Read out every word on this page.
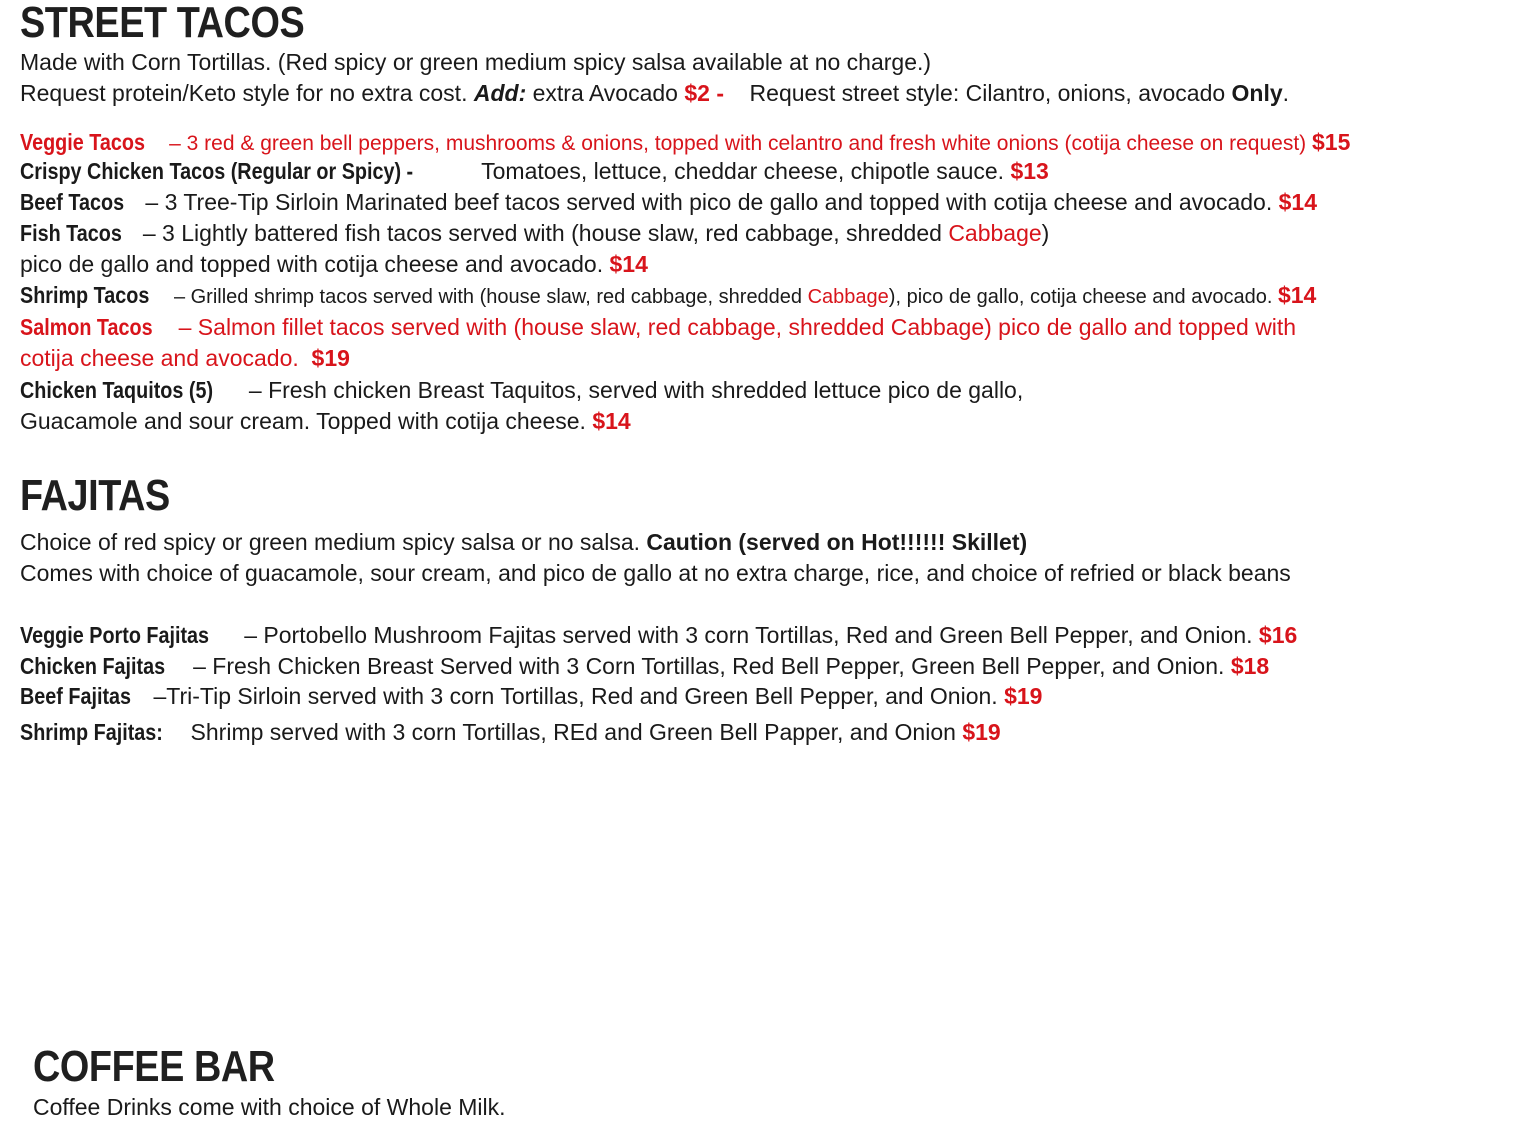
STREET TACOS
Made with Corn Tortillas. (Red spicy or green medium spicy salsa available at no charge.)
Request protein/Keto style for no extra cost. Add: extra Avocado $2 -    Request street style: Cilantro, onions, avocado Only.
Veggie Tacos – 3 red & green bell peppers, mushrooms & onions, topped with celantro and fresh white onions (cotija cheese on request) $15
Crispy Chicken Tacos (Regular or Spicy) -	Tomatoes, lettuce, cheddar cheese, chipotle sauce. $13
Beef Tacos – 3 Tree-Tip Sirloin Marinated beef tacos served with pico de gallo and topped with cotija cheese and avocado. $14
Fish Tacos – 3 Lightly battered fish tacos served with (house slaw, red cabbage, shredded Cabbage)
pico de gallo and topped with cotija cheese and avocado. $14
Shrimp Tacos – Grilled shrimp tacos served with (house slaw, red cabbage, shredded Cabbage), pico de gallo, cotija cheese and avocado. $14
Salmon Tacos – Salmon fillet tacos served with (house slaw, red cabbage, shredded Cabbage) pico de gallo and topped with
cotija cheese and avocado.  $19
Chicken Taquitos (5) – Fresh chicken Breast Taquitos, served with shredded lettuce pico de gallo,
Guacamole and sour cream. Topped with cotija cheese. $14
FAJITAS
Choice of red spicy or green medium spicy salsa or no salsa. Caution (served on Hot!!!!!! Skillet)
Comes with choice of guacamole, sour cream, and pico de gallo at no extra charge, rice, and choice of refried or black beans
Veggie Porto Fajitas – Portobello Mushroom Fajitas served with 3 corn Tortillas, Red and Green Bell Pepper, and Onion. $16
Chicken Fajitas – Fresh Chicken Breast Served with 3 Corn Tortillas, Red Bell Pepper, Green Bell Pepper, and Onion. $18
Beef Fajitas –Tri-Tip Sirloin served with 3 corn Tortillas, Red and Green Bell Pepper, and Onion. $19
Shrimp Fajitas: Shrimp served with 3 corn Tortillas, REd and Green Bell Papper, and Onion $19
COFFEE BAR
Coffee Drinks come with choice of Whole Milk.
